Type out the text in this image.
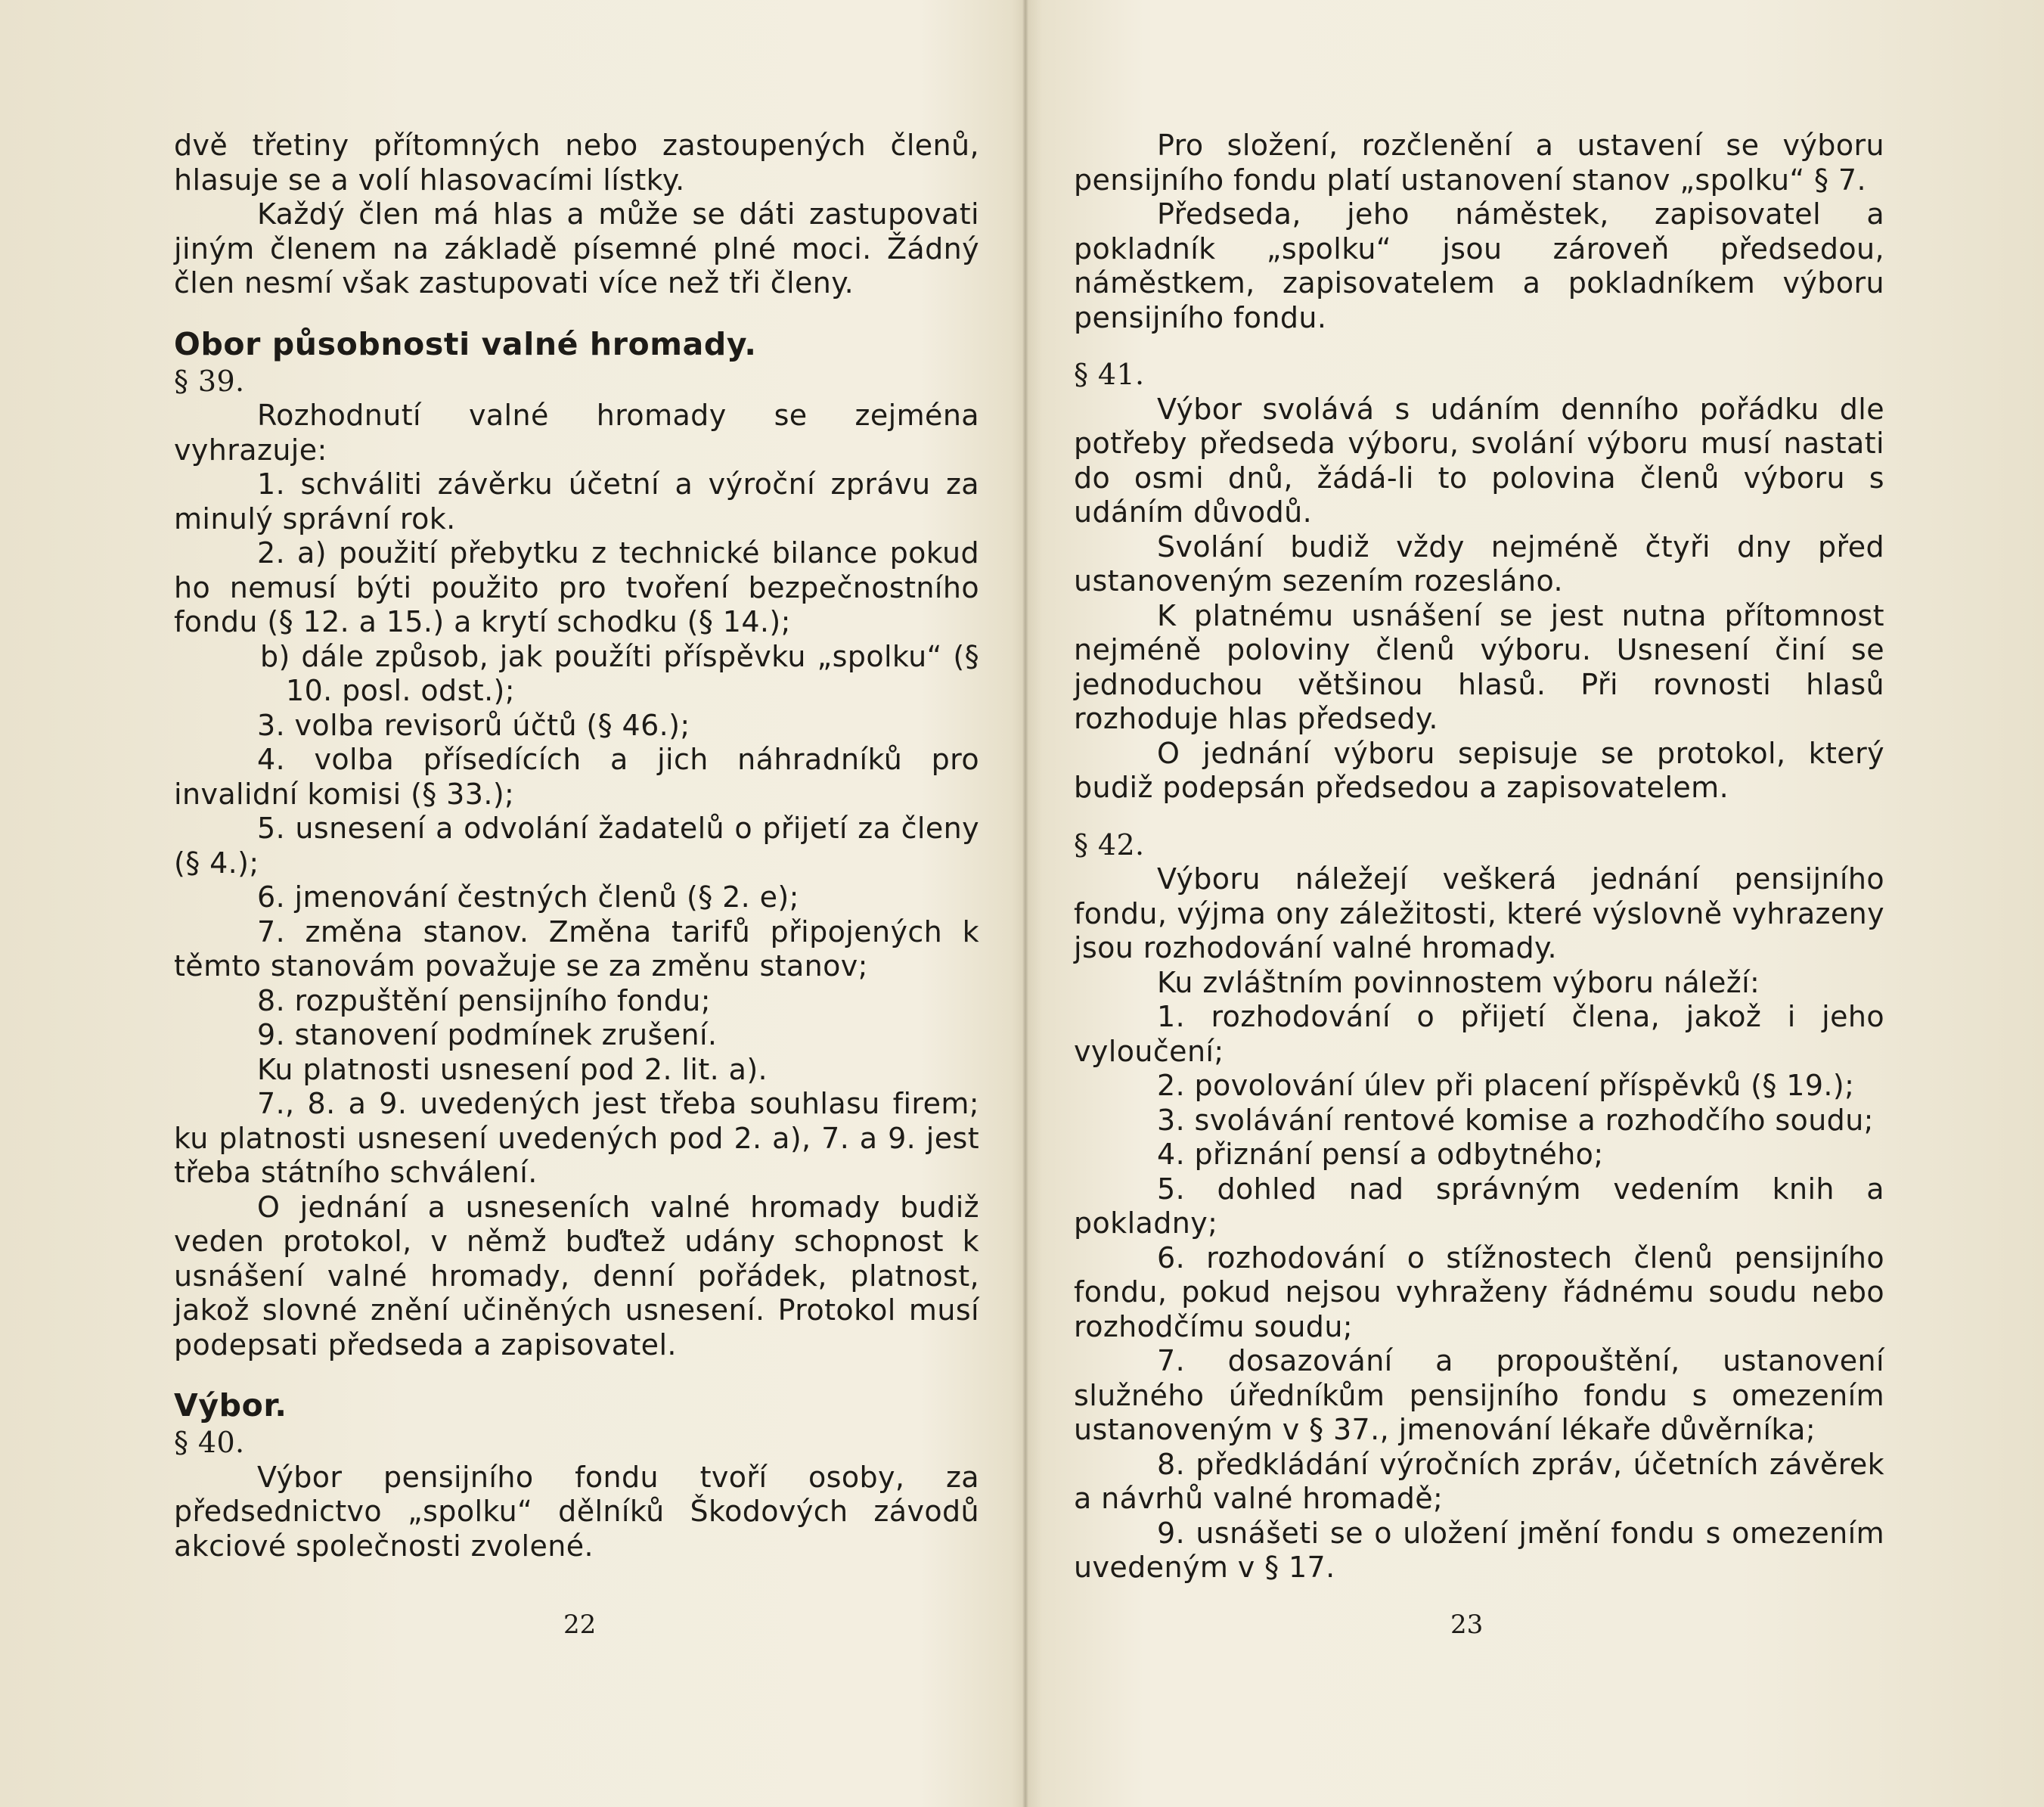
dvě třetiny přítomných nebo zastoupených členů, hlasuje se a volí hlasovacími lístky.

Každý člen má hlas a může se dáti zastupovati jiným členem na základě písemné plné moci. Žádný člen nesmí však zastupovati více než tři členy.

Obor působnosti valné hromady.

§ 39.

Rozhodnutí valné hromady se zejména vyhrazuje:

1. schváliti závěrku účetní a výroční zprávu za minulý správní rok.

2. a) použití přebytku z technické bilance pokud ho nemusí býti použito pro tvoření bezpečnostního fondu (§ 12. a 15.) a krytí schodku (§ 14.);

b) dále způsob, jak použíti příspěvku „spolku“ (§ 10. posl. odst.);

3. volba revisorů účtů (§ 46.);

4. volba přísedících a jich náhradníků pro invalidní komisi (§ 33.);

5. usnesení a odvolání žadatelů o přijetí za členy (§ 4.);

6. jmenování čestných členů (§ 2. e);

7. změna stanov. Změna tarifů připojených k těmto stanovám považuje se za změnu stanov;

8. rozpuštění pensijního fondu;

9. stanovení podmínek zrušení.

Ku platnosti usnesení pod 2. lit. a).

7., 8. a 9. uvedených jest třeba souhlasu firem; ku platnosti usnesení uvedených pod 2. a), 7. a 9. jest třeba státního schválení.

O jednání a usneseních valné hromady budiž veden protokol, v němž buďtež udány schopnost k usnášení valné hromady, denní pořádek, platnost, jakož slovné znění učiněných usnesení. Protokol musí podepsati předseda a zapisovatel.

Výbor.

§ 40.

Výbor pensijního fondu tvoří osoby, za předsednictvo „spolku“ dělníků Škodových závodů akciové společnosti zvolené.

Pro složení, rozčlenění a ustavení se výboru pensijního fondu platí ustanovení stanov „spolku“ § 7.

Předseda, jeho náměstek, zapisovatel a pokladník „spolku“ jsou zároveň předsedou, náměstkem, zapisovatelem a pokladníkem výboru pensijního fondu.

§ 41.

Výbor svolává s udáním denního pořádku dle potřeby předseda výboru, svolání výboru musí nastati do osmi dnů, žádá-li to polovina členů výboru s udáním důvodů.

Svolání budiž vždy nejméně čtyři dny před ustanoveným sezením rozesláno.

K platnému usnášení se jest nutna přítomnost nejméně poloviny členů výboru. Usnesení činí se jednoduchou většinou hlasů. Při rovnosti hlasů rozhoduje hlas předsedy.

O jednání výboru sepisuje se protokol, který budiž podepsán předsedou a zapisovatelem.

§ 42.

Výboru náležejí veškerá jednání pensijního fondu, výjma ony záležitosti, které výslovně vyhrazeny jsou rozhodování valné hromady.

Ku zvláštním povinnostem výboru náleží:

1. rozhodování o přijetí člena, jakož i jeho vyloučení;

2. povolování úlev při placení příspěvků (§ 19.);

3. svolávání rentové komise a rozhodčího soudu;

4. přiznání pensí a odbytného;

5. dohled nad správným vedením knih a pokladny;

6. rozhodování o stížnostech členů pensijního fondu, pokud nejsou vyhraženy řádnému soudu nebo rozhodčímu soudu;

7. dosazování a propouštění, ustanovení služného úředníkům pensijního fondu s omezením ustanoveným v § 37., jmenování lékaře důvěrníka;

8. předkládání výročních zpráv, účetních závěrek a návrhů valné hromadě;

9. usnášeti se o uložení jmění fondu s omezením uvedeným v § 17.

22	23
